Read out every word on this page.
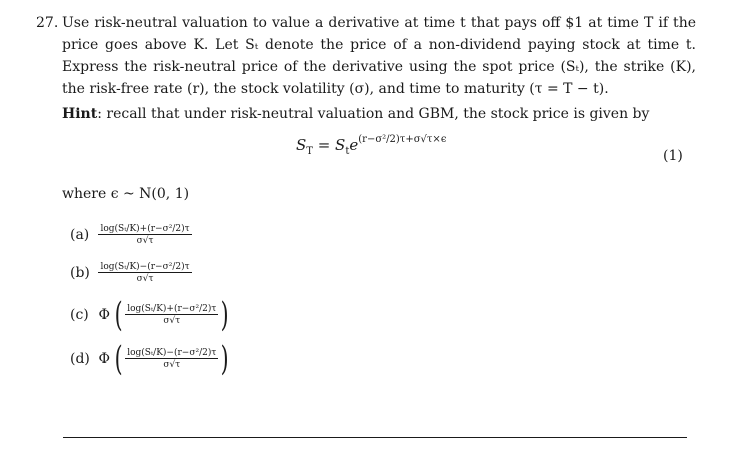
27. Use risk-neutral valuation to value a derivative at time t that pays off $1 at time T if the price goes above K. Let Sₜ denote the price of a non-dividend paying stock at time t. Express the risk-neutral price of the derivative using the spot price (Sₜ), the strike (K), the risk-free rate (r), the stock volatility (σ), and time to maturity (τ = T − t).
Hint: recall that under risk-neutral valuation and GBM, the stock price is given by
$S_T = S_te^{(r-\sigma^2/2)\tau+\sigma√\tau\times\epsilon}$
(1)
where ϵ ~ N(0, 1)
$(a) \frac{\text{log(Sₜ/K)+(r−σ²/2)τ}}{\sigma√\tau}$
$(b) \frac{\text{log(Sₜ/K)−(r−σ²/2)τ}}{\sigma√\tau}$
(c) Φ ( $\frac{\text{log(Sₜ/K)+(r−σ²/2)τ}}{\sigma√\tau}$ )
(d) Φ ( $\frac{\text{log(Sₜ/K)−(r−σ²/2)τ}}{\sigma√\tau}$ )
